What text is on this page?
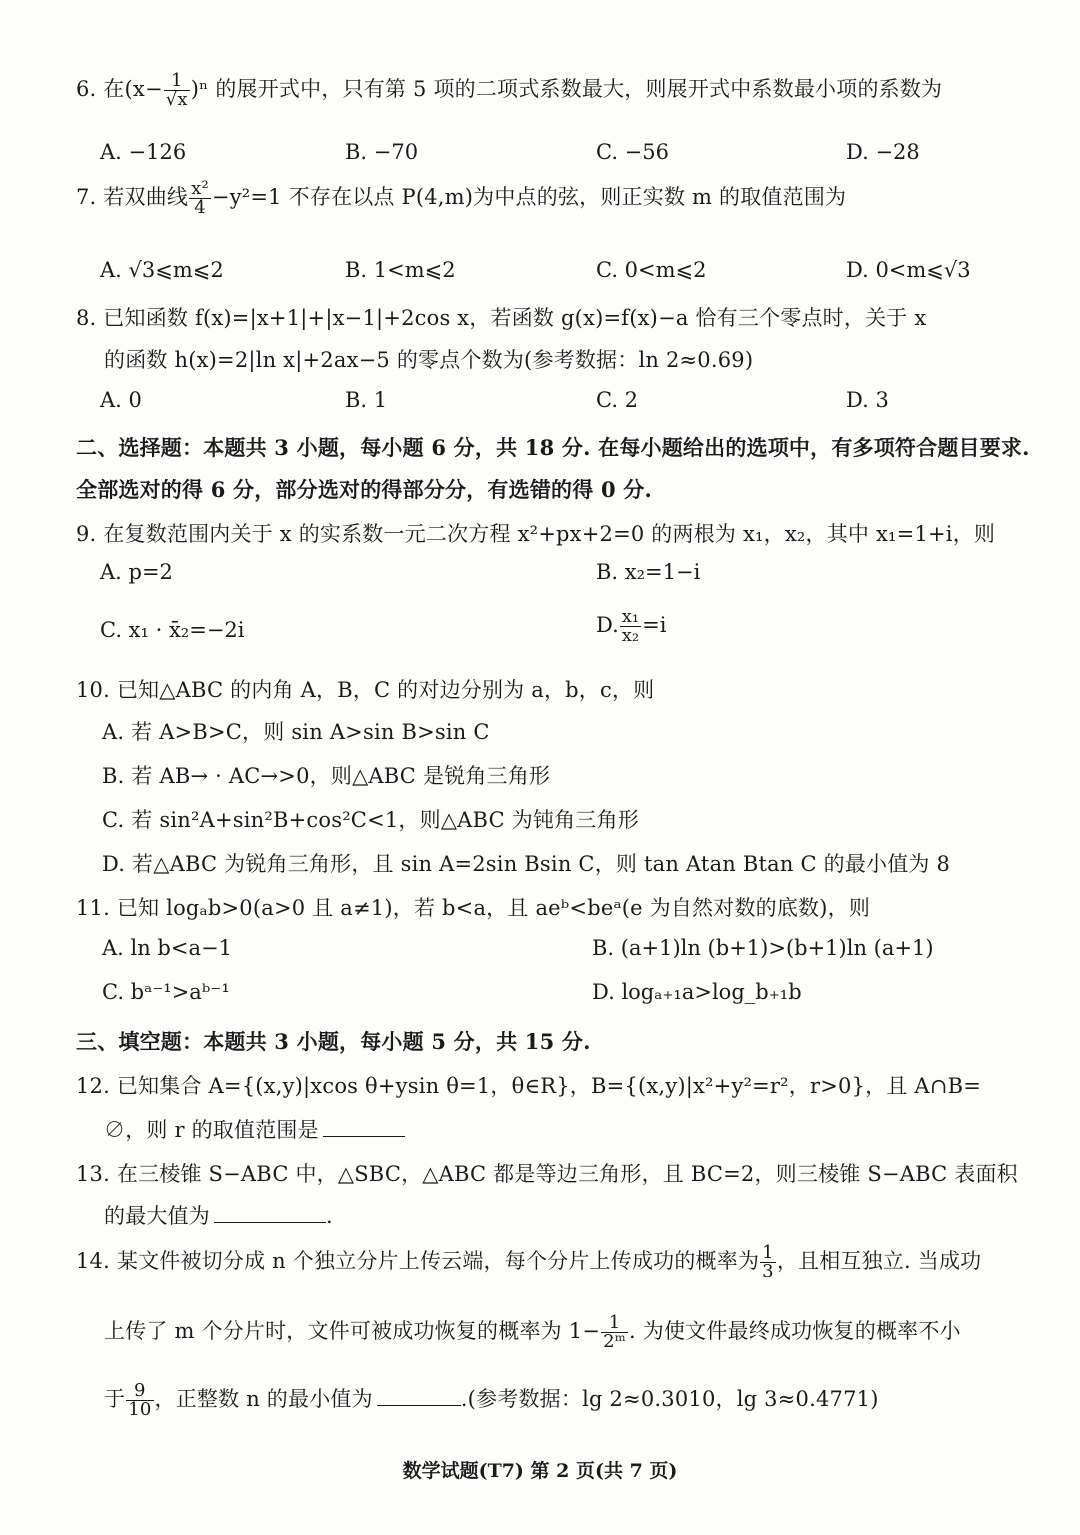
6. 在$(x- \frac{1}{√x} )^n$ 的展开式中，只有第 5 项的二项式系数最大，则展开式中系数最小项的系数为
A. −126	B. −70	C. −56	D. −28
7. 若双曲线 $\frac{\text{x²}}{4} -y^2=1$ 不存在以点 P(4,m)为中点的弦，则正实数 m 的取值范围为
A. √3⩽m⩽2	B. 1<m⩽2	C. 0<m⩽2	D. 0<m⩽√3
8. 已知函数 f(x)=|x+1|+|x−1|+2cos x，若函数 g(x)=f(x)−a 恰有三个零点时，关于 x
的函数 h(x)=2|ln x|+2ax−5 的零点个数为(参考数据：ln 2≈0.69)
A. 0	B. 1	C. 2	D. 3
二、选择题：本题共 3 小题，每小题 6 分，共 18 分. 在每小题给出的选项中，有多项符合题目要求.
全部选对的得 6 分，部分选对的得部分分，有选错的得 0 分.
9. 在复数范围内关于 x 的实系数一元二次方程 x²+px+2=0 的两根为 x₁，x₂，其中 x₁=1+i，则
A. p=2	B. x₂=1−i
C. x₁ · x̄₂=−2i	D. $\frac{\text{x₁}}{\text{x₂}} =i$
10. 已知△ABC 的内角 A，B，C 的对边分别为 a，b，c，则
A. 若 A>B>C，则 sin A>sin B>sin C
B. 若 AB→ · AC→>0，则△ABC 是锐角三角形
C. 若 sin²A+sin²B+cos²C<1，则△ABC 为钝角三角形
D. 若△ABC 为锐角三角形，且 sin A=2sin Bsin C，则 tan Atan Btan C 的最小值为 8
11. 已知 logₐb>0(a>0 且 a≠1)，若 b<a，且 aeᵇ<beᵃ(e 为自然对数的底数)，则
A. ln b<a−1	B. (a+1)ln (b+1)>(b+1)ln (a+1)
C. bᵃ⁻¹>aᵇ⁻¹	D. logₐ₊₁a>log_b₊₁b
三、填空题：本题共 3 小题，每小题 5 分，共 15 分.
12. 已知集合 A={(x,y)|xcos θ+ysin θ=1，θ∈R}，B={(x,y)|x²+y²=r²，r>0}，且 A∩B=
∅，则 r 的取值范围是
13. 在三棱锥 S−ABC 中，△SBC，△ABC 都是等边三角形，且 BC=2，则三棱锥 S−ABC 表面积
的最大值为	.
14. 某文件被切分成 n 个独立分片上传云端，每个分片上传成功的概率为 $\frac{1}{3}$ ，且相互独立. 当成功
上传了 m 个分片时，文件可被成功恢复的概率为 $1- \frac{1}{\text{2ᵐ}}$ . 为使文件最终成功恢复的概率不小
于 $\frac{9}{10}$ ，正整数 n 的最小值为	.(参考数据：lg 2≈0.3010，lg 3≈0.4771)
数学试题(T7) 第 2 页(共 7 页)
